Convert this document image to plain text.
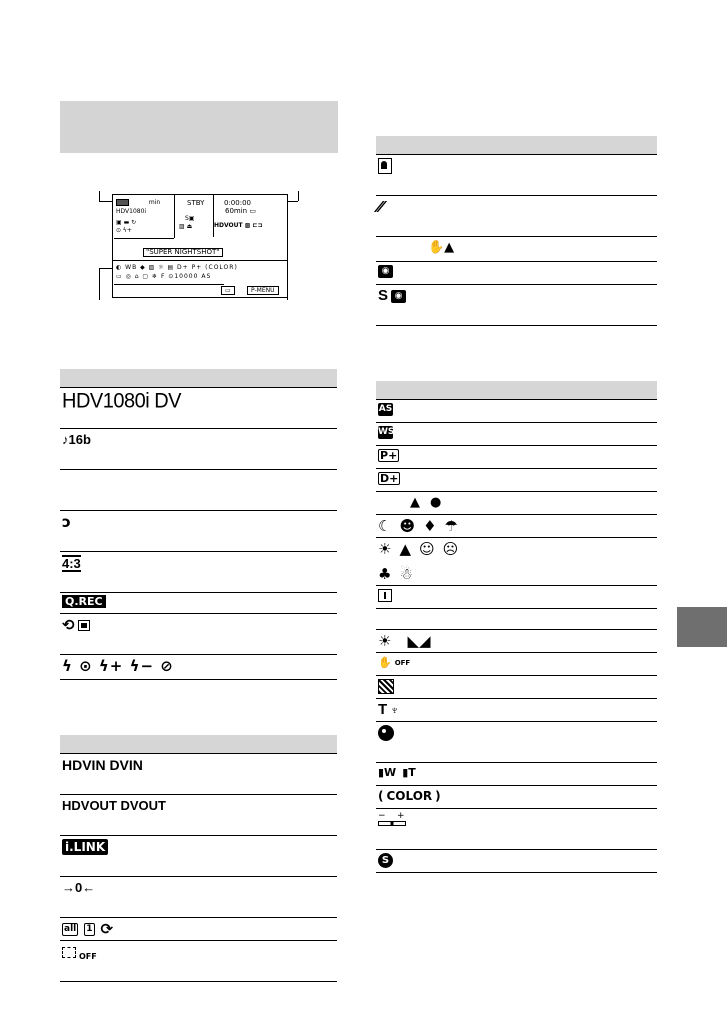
min
HDV1080i
▣ ▬ ↻
⊙ ϟ+
STBY	0:00:00
60min ▭
HDVOUT ▩ ⊏⊐
S▣
▨ ⏏
"SUPER NIGHTSHOT"
◐ WB ◆ ▨ ☼ ▤ D+ P+ (COLOR)
▭ ◎ ⌂ ▢ ❄ F ⊙10000 AS
▭	P-MENU
HDV1080i DV
♪16b
ↄ
4:3
Q.REC
⟲
ϟ ⊙ ϟ+ ϟ− ⊘
HDVIN DVIN
HDVOUT DVOUT
i.LINK
→0←
all 1 ⟳
OFF
⁄⁄
✋▲
◉
S ◉
AS
WS
P+
D+
▲ ●
☾ ☻ ♦ ☂
☀ ▲ ☺ ☹
♣ ☃
☀ ◣◢
✋ OFF
T ♆
▮W ▮T
( COLOR )
−    +
S
